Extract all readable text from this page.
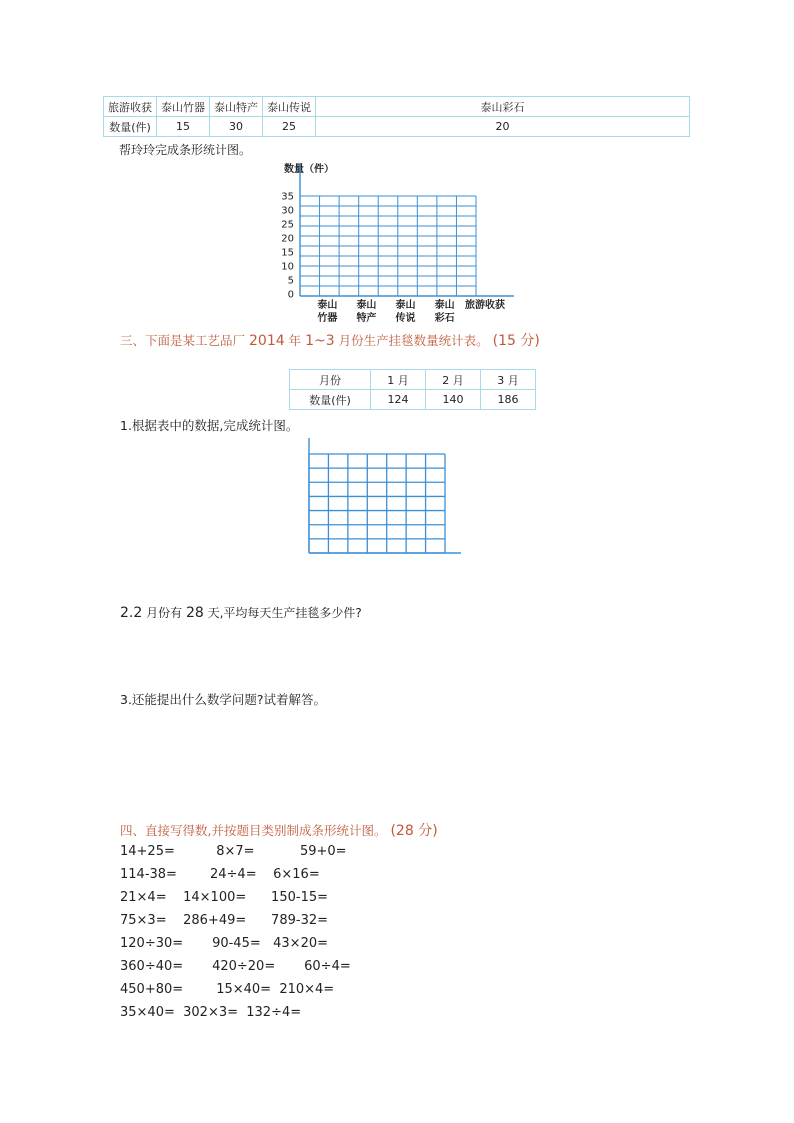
旅游收获	泰山竹器	泰山特产	泰山传说	泰山彩石
数量(件)	15	30	25	20
帮玲玲完成条形统计图。
数量（件）
35
30
25
20
15
10
5
0
泰山
竹器
泰山
特产
泰山
传说
泰山
彩石
旅游收获
三、下面是某工艺品厂 2014 年 1~3 月份生产挂毯数量统计表。 (15 分)
月份	1 月	2 月	3 月
数量(件)	124	140	186
1.根据表中的数据,完成统计图。
2.2 月份有 28 天,平均每天生产挂毯多少件?
3.还能提出什么数学问题?试着解答。
四、直接写得数,并按题目类别制成条形统计图。 (28 分)
14+25=          8×7=           59+0=
114-38=        24÷4=    6×16=
21×4=    14×100=      150-15=
75×3=    286+49=      789-32=
120÷30=       90-45=   43×20=
360÷40=       420÷20=       60÷4=
450+80=        15×40=  210×4=
35×40=  302×3=  132÷4=
